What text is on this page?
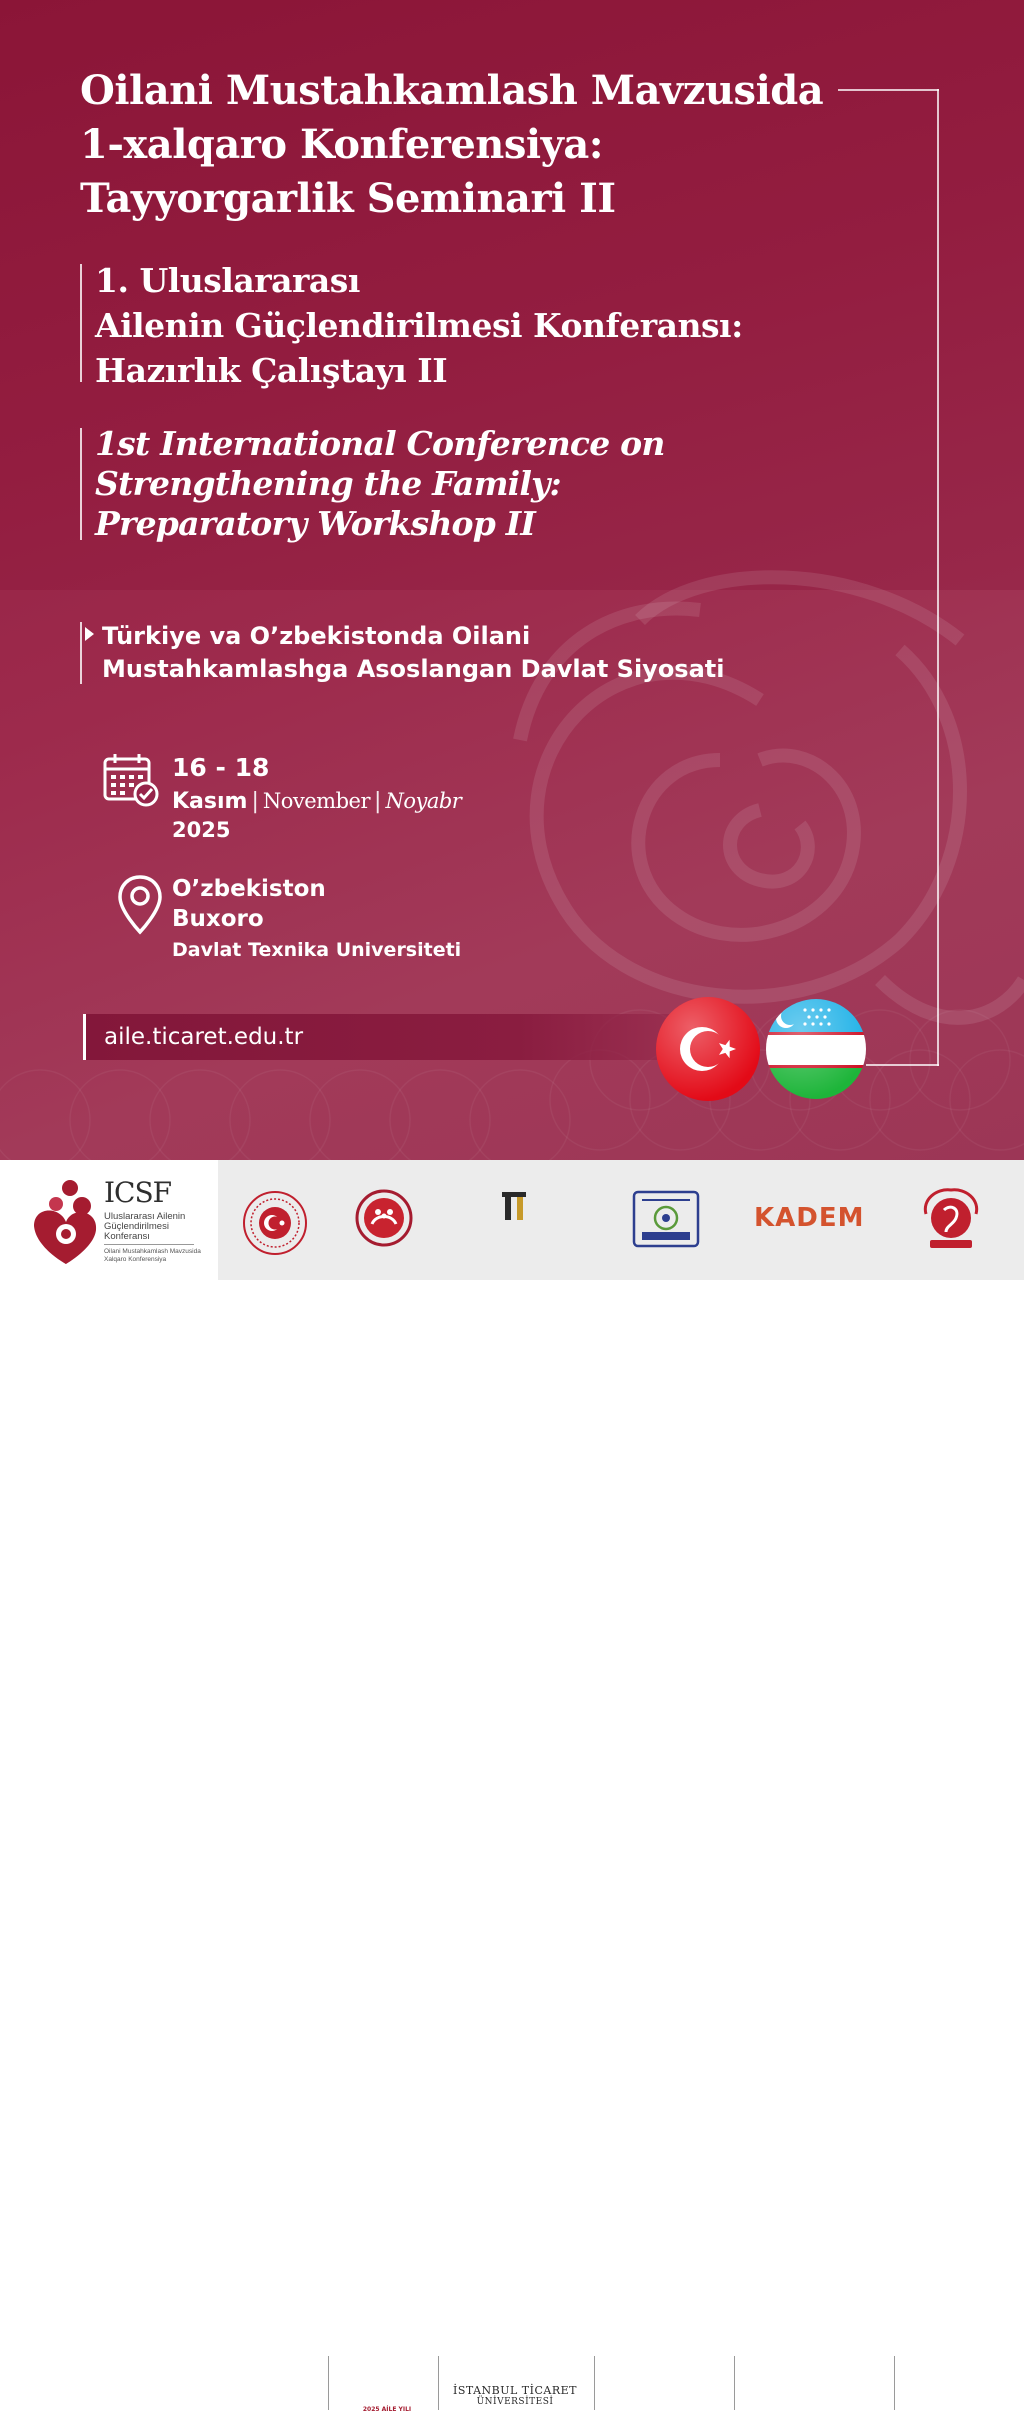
Oilani Mustahkamlash Mavzusida 1-xalqaro Konferensiya: Tayyorgarlik Seminari II
1. Uluslararası
Ailenin Güçlendirilmesi Konferansı:
Hazırlık Çalıştayı II
1st International Conference on
Strengthening the Family:
Preparatory Workshop II

Türkiye va O’zbekistonda Oilani
Mustahkamlashga Asoslangan Davlat Siyosati

16 - 18
Kasım | November | Noyabr
2025
O’zbekiston
Buxoro
Davlat Texnika Universiteti
aile.ticaret.edu.tr
ICSF
Uluslararası Ailenin Güçlendirilmesi Konferansı
Oilani Mustahkamlash Mavzusida Xalqaro Konferensiya
2025 AİLE YILI
İSTANBUL TİCARET
ÜNİVERSİTESİ
KADEM
